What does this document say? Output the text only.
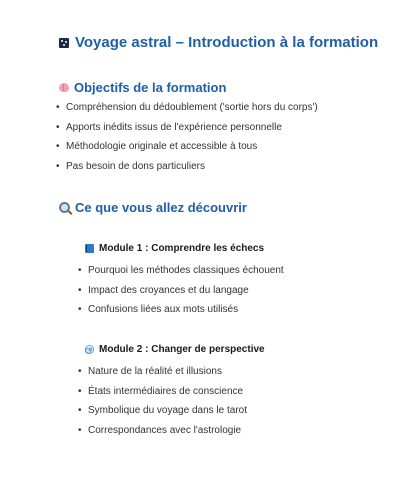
Voyage astral – Introduction à la formation
Objectifs de la formation
• Compréhension du dédoublement ('sortie hors du corps')
• Apports inédits issus de l'expérience personnelle
• Méthodologie originale et accessible à tous
• Pas besoin de dons particuliers
Ce que vous allez découvrir
Module 1 : Comprendre les échecs
• Pourquoi les méthodes classiques échouent
• Impact des croyances et du langage
• Confusions liées aux mots utilisés
Module 2 : Changer de perspective
• Nature de la réalité et illusions
• États intermédiaires de conscience
• Symbolique du voyage dans le tarot
• Correspondances avec l'astrologie
